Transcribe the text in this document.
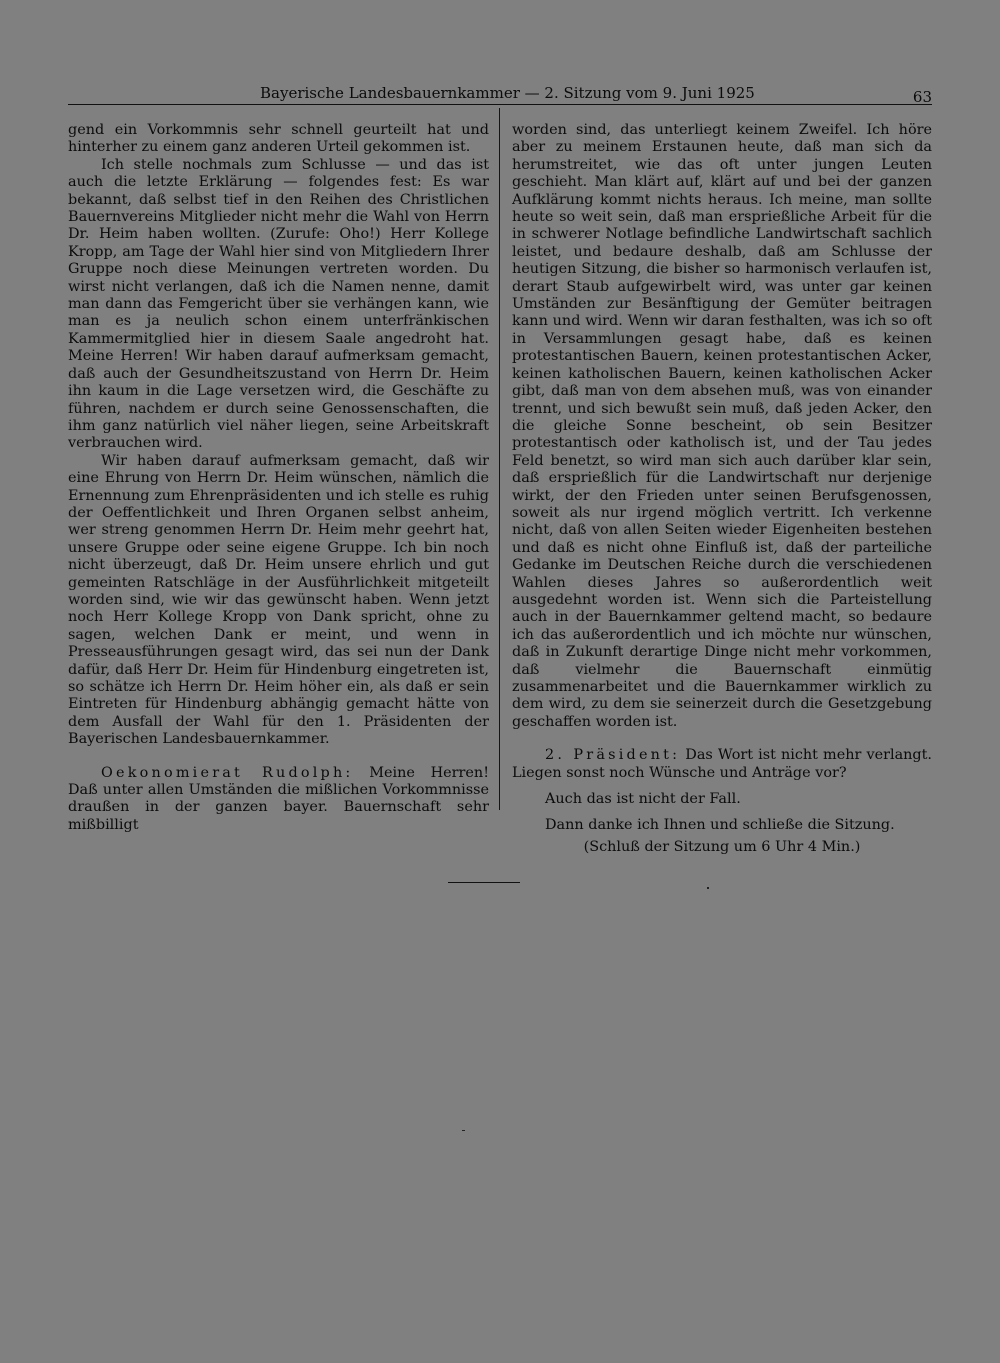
Bayerische Landesbauernkammer — 2. Sitzung vom 9. Juni 1925	63

gend ein Vorkommnis sehr schnell geurteilt hat und hinterher zu einem ganz anderen Urteil gekommen ist.

Ich stelle nochmals zum Schlusse — und das ist auch die letzte Erklärung — folgendes fest: Es war bekannt, daß selbst tief in den Reihen des Christlichen Bauernvereins Mitglieder nicht mehr die Wahl von Herrn Dr. Heim haben wollten. (Zurufe: Oho!) Herr Kollege Kropp, am Tage der Wahl hier sind von Mitgliedern Ihrer Gruppe noch diese Meinungen vertreten worden. Du wirst nicht verlangen, daß ich die Namen nenne, damit man dann das Femgericht über sie verhängen kann, wie man es ja neulich schon einem unterfränkischen Kammermitglied hier in diesem Saale angedroht hat. Meine Herren! Wir haben darauf aufmerksam gemacht, daß auch der Gesundheitszustand von Herrn Dr. Heim ihn kaum in die Lage versetzen wird, die Geschäfte zu führen, nachdem er durch seine Genossenschaften, die ihm ganz natürlich viel näher liegen, seine Arbeitskraft verbrauchen wird.

Wir haben darauf aufmerksam gemacht, daß wir eine Ehrung von Herrn Dr. Heim wünschen, nämlich die Ernennung zum Ehrenpräsidenten und ich stelle es ruhig der Oeffentlichkeit und Ihren Organen selbst anheim, wer streng genommen Herrn Dr. Heim mehr geehrt hat, unsere Gruppe oder seine eigene Gruppe. Ich bin noch nicht überzeugt, daß Dr. Heim unsere ehrlich und gut gemeinten Ratschläge in der Ausführlichkeit mitgeteilt worden sind, wie wir das gewünscht haben. Wenn jetzt noch Herr Kollege Kropp von Dank spricht, ohne zu sagen, welchen Dank er meint, und wenn in Presseausführungen gesagt wird, das sei nun der Dank dafür, daß Herr Dr. Heim für Hindenburg eingetreten ist, so schätze ich Herrn Dr. Heim höher ein, als daß er sein Eintreten für Hindenburg abhängig gemacht hätte von dem Ausfall der Wahl für den 1. Präsidenten der Bayerischen Landesbauernkammer.

Oekonomierat Rudolph: Meine Herren! Daß unter allen Umständen die mißlichen Vorkommnisse draußen in der ganzen bayer. Bauernschaft sehr mißbilligt

worden sind, das unterliegt keinem Zweifel. Ich höre aber zu meinem Erstaunen heute, daß man sich da herumstreitet, wie das oft unter jungen Leuten geschieht. Man klärt auf, klärt auf und bei der ganzen Aufklärung kommt nichts heraus. Ich meine, man sollte heute so weit sein, daß man ersprießliche Arbeit für die in schwerer Notlage befindliche Landwirtschaft sachlich leistet, und bedaure deshalb, daß am Schlusse der heutigen Sitzung, die bisher so harmonisch verlaufen ist, derart Staub aufgewirbelt wird, was unter gar keinen Umständen zur Besänftigung der Gemüter beitragen kann und wird. Wenn wir daran festhalten, was ich so oft in Versammlungen gesagt habe, daß es keinen protestantischen Bauern, keinen protestantischen Acker, keinen katholischen Bauern, keinen katholischen Acker gibt, daß man von dem absehen muß, was von einander trennt, und sich bewußt sein muß, daß jeden Acker, den die gleiche Sonne bescheint, ob sein Besitzer protestantisch oder katholisch ist, und der Tau jedes Feld benetzt, so wird man sich auch darüber klar sein, daß ersprießlich für die Landwirtschaft nur derjenige wirkt, der den Frieden unter seinen Berufsgenossen, soweit als nur irgend möglich vertritt. Ich verkenne nicht, daß von allen Seiten wieder Eigenheiten bestehen und daß es nicht ohne Einfluß ist, daß der parteiliche Gedanke im Deutschen Reiche durch die verschiedenen Wahlen dieses Jahres so außerordentlich weit ausgedehnt worden ist. Wenn sich die Parteistellung auch in der Bauernkammer geltend macht, so bedaure ich das außerordentlich und ich möchte nur wünschen, daß in Zukunft derartige Dinge nicht mehr vorkommen, daß vielmehr die Bauernschaft einmütig zusammenarbeitet und die Bauernkammer wirklich zu dem wird, zu dem sie seinerzeit durch die Gesetzgebung geschaffen worden ist.

2. Präsident: Das Wort ist nicht mehr verlangt. Liegen sonst noch Wünsche und Anträge vor?

Auch das ist nicht der Fall.

Dann danke ich Ihnen und schließe die Sitzung.

(Schluß der Sitzung um 6 Uhr 4 Min.)
